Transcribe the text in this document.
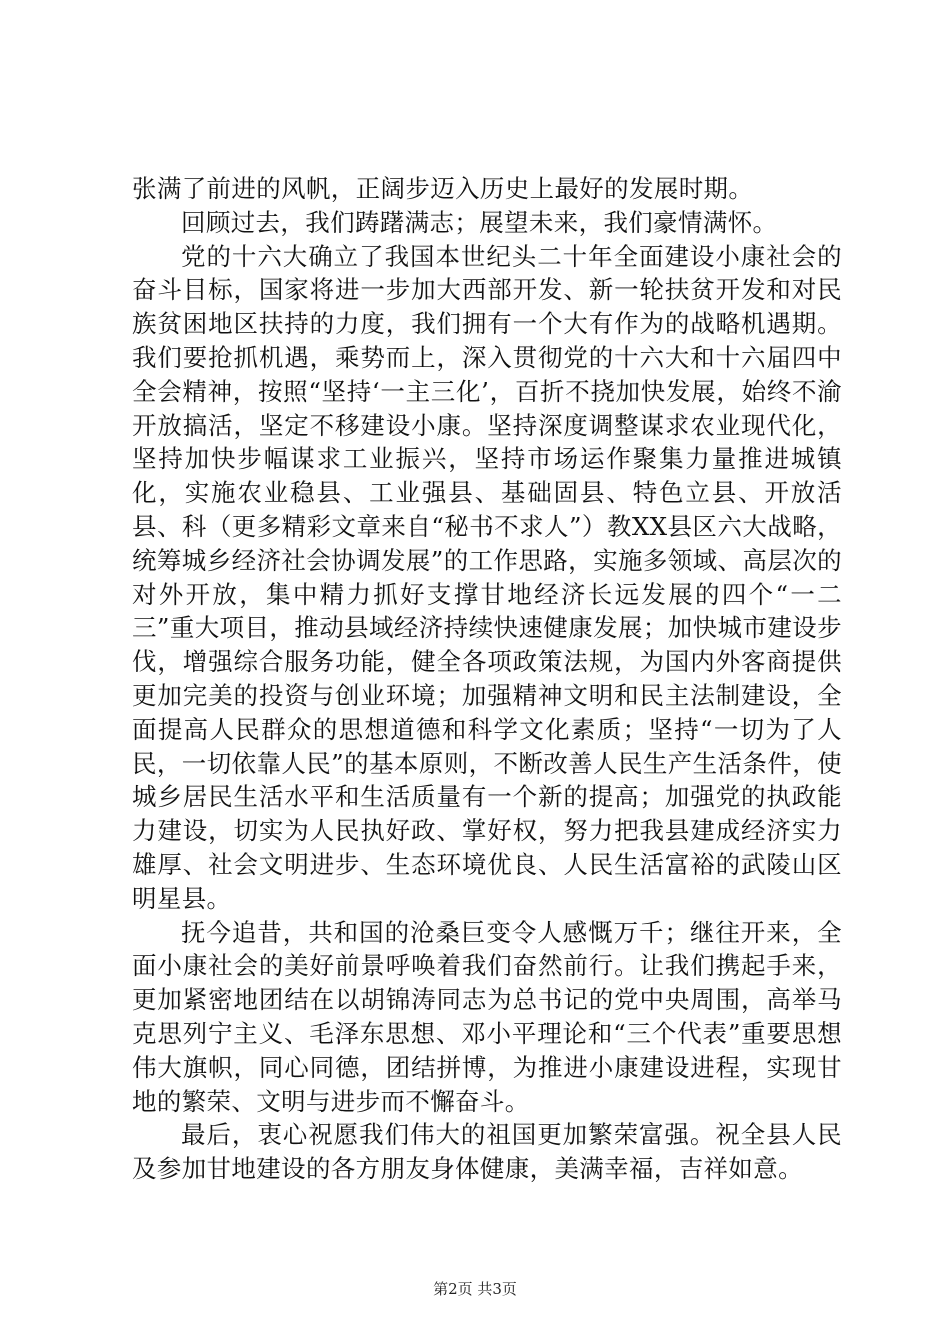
张满了前进的风帆，正阔步迈入历史上最好的发展时期。

回顾过去，我们踌躇满志；展望未来，我们豪情满怀。

党的十六大确立了我国本世纪头二十年全面建设小康社会的奋斗目标，国家将进一步加大西部开发、新一轮扶贫开发和对民族贫困地区扶持的力度，我们拥有一个大有作为的战略机遇期。我们要抢抓机遇，乘势而上，深入贯彻党的十六大和十六届四中全会精神，按照“坚持‘一主三化’，百折不挠加快发展，始终不渝开放搞活，坚定不移建设小康。坚持深度调整谋求农业现代化，坚持加快步幅谋求工业振兴，坚持市场运作聚集力量推进城镇化，实施农业稳县、工业强县、基础固县、特色立县、开放活县、科（更多精彩文章来自“秘书不求人”）教XX县区六大战略，统筹城乡经济社会协调发展”的工作思路，实施多领域、高层次的对外开放，集中精力抓好支撑甘地经济长远发展的四个“一二三”重大项目，推动县域经济持续快速健康发展；加快城市建设步伐，增强综合服务功能，健全各项政策法规，为国内外客商提供更加完美的投资与创业环境；加强精神文明和民主法制建设，全面提高人民群众的思想道德和科学文化素质；坚持“一切为了人民，一切依靠人民”的基本原则，不断改善人民生产生活条件，使城乡居民生活水平和生活质量有一个新的提高；加强党的执政能力建设，切实为人民执好政、掌好权，努力把我县建成经济实力雄厚、社会文明进步、生态环境优良、人民生活富裕的武陵山区明星县。

抚今追昔，共和国的沧桑巨变令人感慨万千；继往开来，全面小康社会的美好前景呼唤着我们奋然前行。让我们携起手来，更加紧密地团结在以胡锦涛同志为总书记的党中央周围，高举马克思列宁主义、毛泽东思想、邓小平理论和“三个代表”重要思想伟大旗帜，同心同德，团结拼博，为推进小康建设进程，实现甘地的繁荣、文明与进步而不懈奋斗。

最后，衷心祝愿我们伟大的祖国更加繁荣富强。祝全县人民及参加甘地建设的各方朋友身体健康，美满幸福，吉祥如意。

第2页 共3页
